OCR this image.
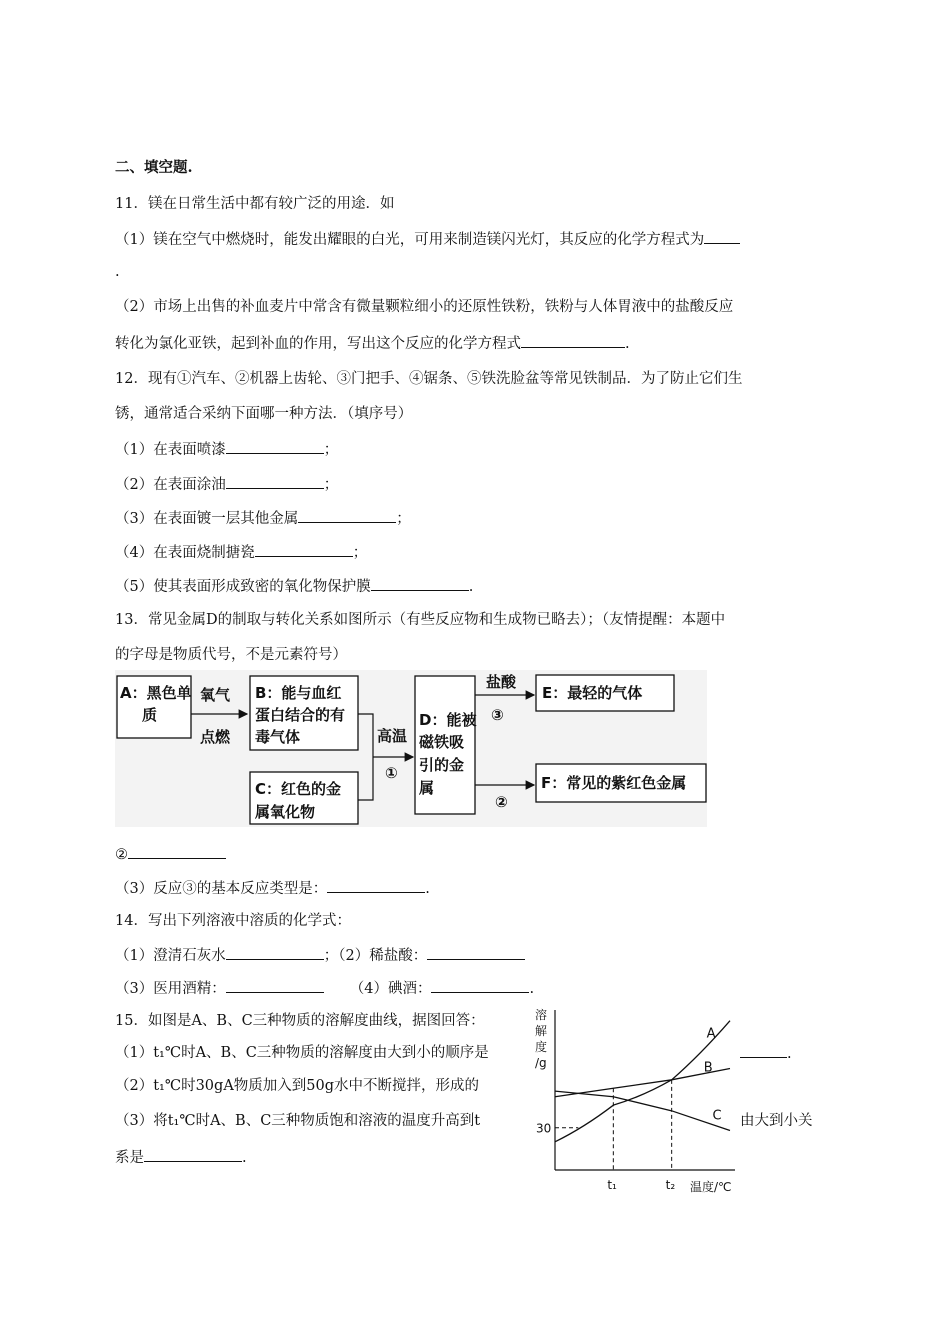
二、填空题.
11．镁在日常生活中都有较广泛的用途．如
（1）镁在空气中燃烧时，能发出耀眼的白光，可用来制造镁闪光灯，其反应的化学方程式为
.
（2）市场上出售的补血麦片中常含有微量颗粒细小的还原性铁粉，铁粉与人体胃液中的盐酸反应
转化为氯化亚铁，起到补血的作用，写出这个反应的化学方程式	.
12．现有①汽车、②机器上齿轮、③门把手、④锯条、⑤铁洗脸盆等常见铁制品．为了防止它们生
锈，通常适合采纳下面哪一种方法．（填序号）
（1）在表面喷漆	；
（2）在表面涂油	；
（3）在表面镀一层其他金属	；
（4）在表面烧制搪瓷	；
（5）使其表面形成致密的氧化物保护膜	.
13．常见金属D的制取与转化关系如图所示（有些反应物和生成物已略去）；（友情提醒：本题中
的字母是物质代号，不是元素符号）
A：黑色单
质
氧气
点燃
B：能与血红
蛋白结合的有
毒气体
C：红色的金
属氧化物
高温
①
D：能被
磁铁吸
引的金
属
盐酸
③
E：最轻的气体
②
F：常见的紫红色金属
②
（3）反应③的基本反应类型是：	.
14．写出下列溶液中溶质的化学式：
（1）澄清石灰水	；（2）稀盐酸：
（3）医用酒精：	（4）碘酒：	.
15．如图是A、B、C三种物质的溶解度曲线，据图回答：
（1）t₁℃时A、B、C三种物质的溶解度由大到小的顺序是	.
（2）t₁℃时30gA物质加入到50g水中不断搅拌，形成的
（3）将t₁℃时A、B、C三种物质饱和溶液的温度升高到t	由大到小关
系是	.
溶
解
度
/g
温度/℃
30
t₁	t₂
A
B
C
